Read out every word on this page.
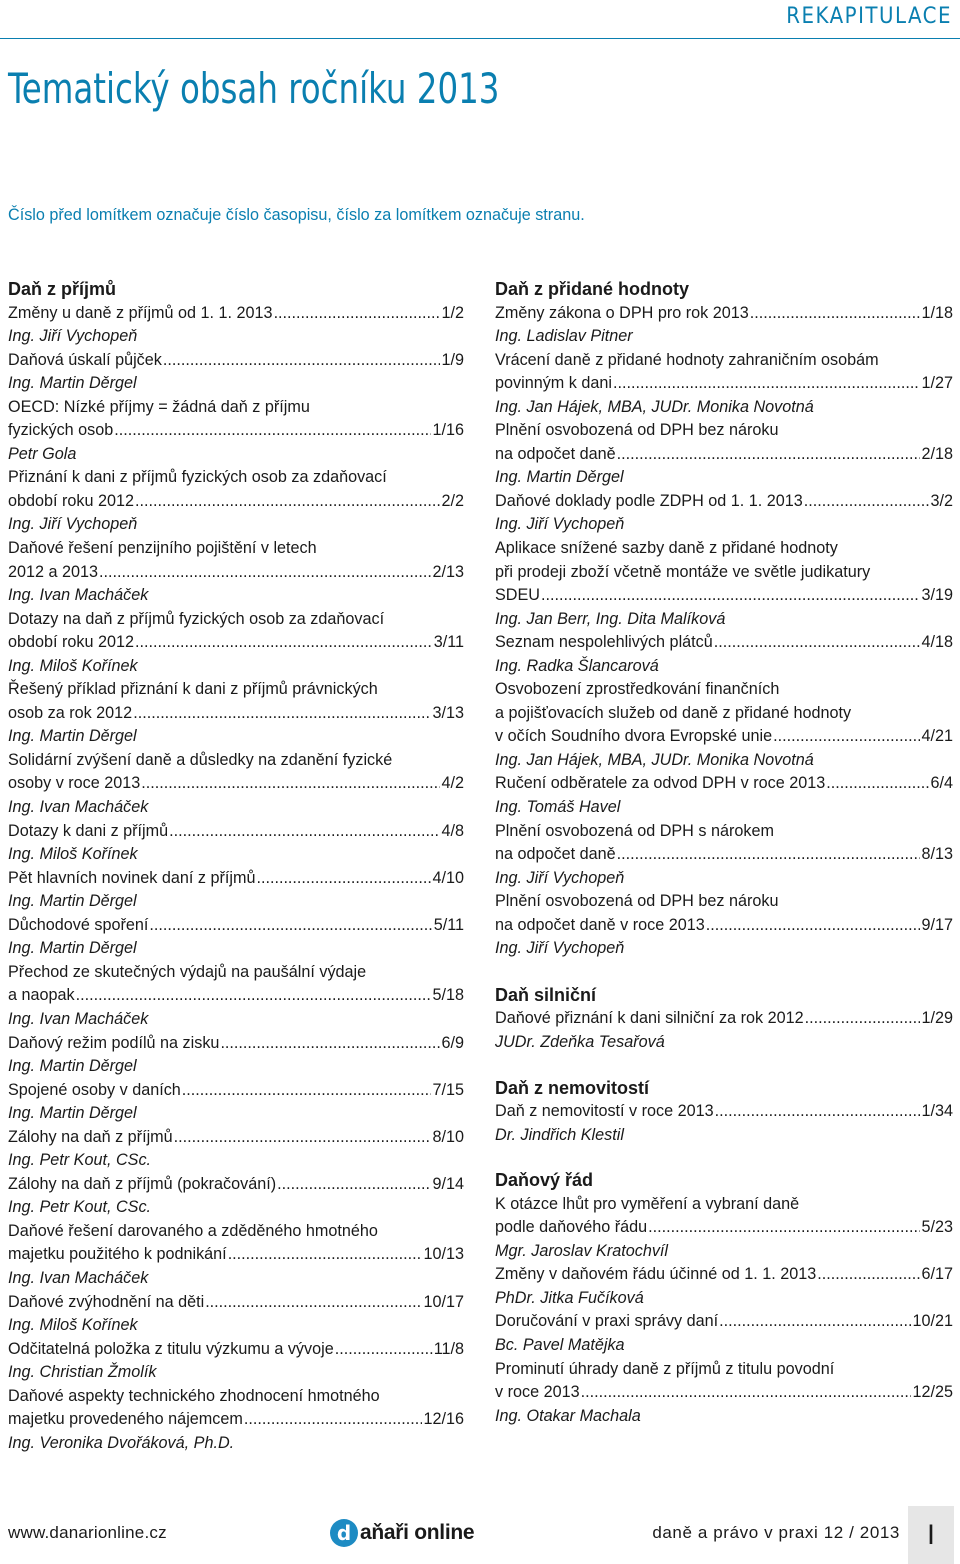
REKAPITULACE
Tematický obsah ročníku 2013
Číslo před lomítkem označuje číslo časopisu, číslo za lomítkem označuje stranu.
Daň z příjmů
Změny u daně z příjmů od 1. 1. 2013 .....	1/2
Ing. Jiří Vychopeň
Daňová úskalí půjček .....	1/9
Ing. Martin Děrgel
OECD: Nízké příjmy = žádná daň z příjmu
fyzických osob .....	1/16
Petr Gola
Přiznání k dani z příjmů fyzických osob za zdaňovací
období roku 2012 .....	2/2
Ing. Jiří Vychopeň
Daňové řešení penzijního pojištění v letech
2012 a 2013 .....	2/13
Ing. Ivan Macháček
Dotazy na daň z příjmů fyzických osob za zdaňovací
období roku 2012 .....	3/11
Ing. Miloš Kořínek
Řešený příklad přiznání k dani z příjmů právnických
osob za rok 2012 .....	3/13
Ing. Martin Děrgel
Solidární zvýšení daně a důsledky na zdanění fyzické
osoby v roce 2013 .....	4/2
Ing. Ivan Macháček
Dotazy k dani z příjmů .....	4/8
Ing. Miloš Kořínek
Pět hlavních novinek daní z příjmů .....	4/10
Ing. Martin Děrgel
Důchodové spoření .....	5/11
Ing. Martin Děrgel
Přechod ze skutečných výdajů na paušální výdaje
a naopak .....	5/18
Ing. Ivan Macháček
Daňový režim podílů na zisku .....	6/9
Ing. Martin Děrgel
Spojené osoby v daních .....	7/15
Ing. Martin Děrgel
Zálohy na daň z příjmů .....	8/10
Ing. Petr Kout, CSc.
Zálohy na daň z příjmů (pokračování) .....	9/14
Ing. Petr Kout, CSc.
Daňové řešení darovaného a zděděného hmotného
majetku použitého k podnikání .....	10/13
Ing. Ivan Macháček
Daňové zvýhodnění na děti .....	10/17
Ing. Miloš Kořínek
Odčitatelná položka z titulu výzkumu a vývoje .....	11/8
Ing. Christian Žmolík
Daňové aspekty technického zhodnocení hmotného
majetku provedeného nájemcem .....	12/16
Ing. Veronika Dvořáková, Ph.D.
Daň z přidané hodnoty
Změny zákona o DPH pro rok 2013 .....	1/18
Ing. Ladislav Pitner
Vrácení daně z přidané hodnoty zahraničním osobám
povinným k dani .....	1/27
Ing. Jan Hájek, MBA, JUDr. Monika Novotná
Plnění osvobozená od DPH bez nároku
na odpočet daně .....	2/18
Ing. Martin Děrgel
Daňové doklady podle ZDPH od 1. 1. 2013 .....	3/2
Ing. Jiří Vychopeň
Aplikace snížené sazby daně z přidané hodnoty
při prodeji zboží včetně montáže ve světle judikatury
SDEU .....	3/19
Ing. Jan Berr, Ing. Dita Malíková
Seznam nespolehlivých plátců .....	4/18
Ing. Radka Šlancarová
Osvobození zprostředkování finančních
a pojišťovacích služeb od daně z přidané hodnoty
v očích Soudního dvora Evropské unie .....	4/21
Ing. Jan Hájek, MBA, JUDr. Monika Novotná
Ručení odběratele za odvod DPH v roce 2013 .....	6/4
Ing. Tomáš Havel
Plnění osvobozená od DPH s nárokem
na odpočet daně .....	8/13
Ing. Jiří Vychopeň
Plnění osvobozená od DPH bez nároku
na odpočet daně v roce 2013 .....	9/17
Ing. Jiří Vychopeň
Daň silniční
Daňové přiznání k dani silniční za rok 2012 .....	1/29
JUDr. Zdeňka Tesařová
Daň z nemovitostí
Daň z nemovitostí v roce 2013 .....	1/34
Dr. Jindřich Klestil
Daňový řád
K otázce lhůt pro vyměření a vybraní daně
podle daňového řádu .....	5/23
Mgr. Jaroslav Kratochvíl
Změny v daňovém řádu účinné od 1. 1. 2013 .....	6/17
PhDr. Jitka Fučíková
Doručování v praxi správy daní .....	10/21
Bc. Pavel Matějka
Prominutí úhrady daně z příjmů z titulu povodní
v roce 2013 .....	12/25
Ing. Otakar Machala
www.danarionline.cz	d aňaři online	daně a právo v praxi 12 / 2013	I
